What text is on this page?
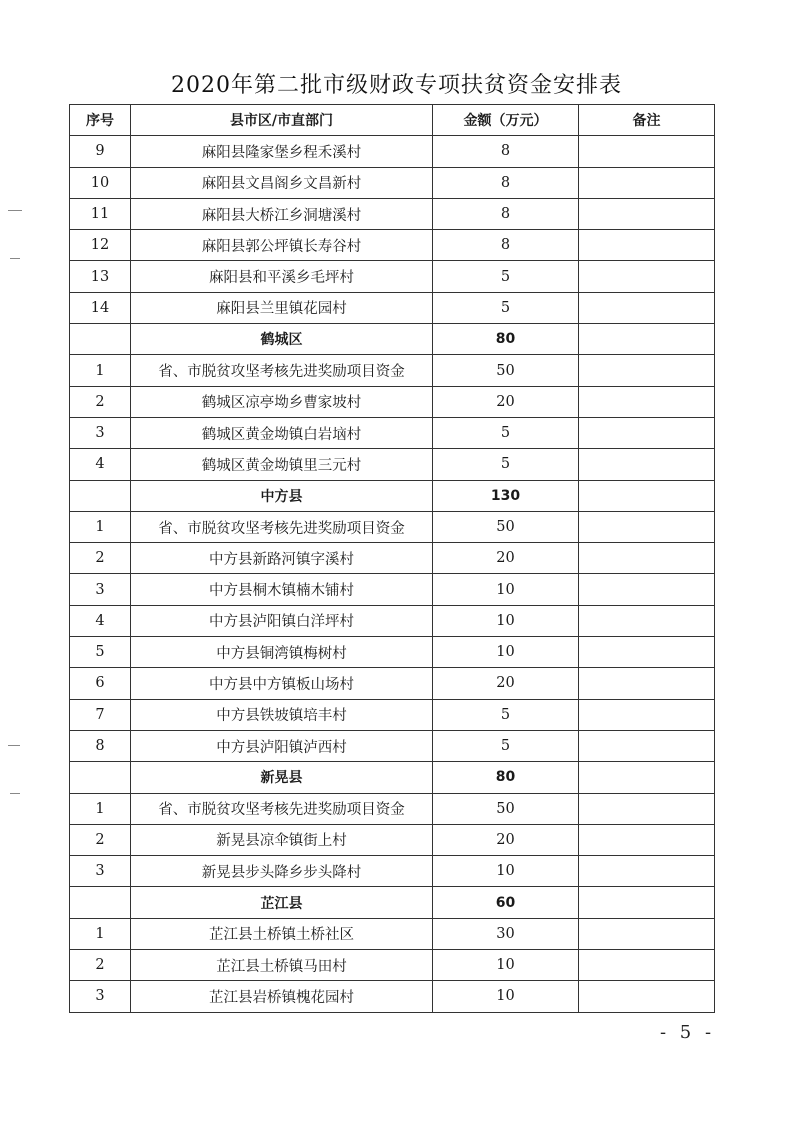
2020年第二批市级财政专项扶贫资金安排表
序号	县市区/市直部门	金额（万元）	备注
9	麻阳县隆家堡乡程禾溪村	8	
10	麻阳县文昌阁乡文昌新村	8	
11	麻阳县大桥江乡洞塘溪村	8	
12	麻阳县郭公坪镇长寿谷村	8	
13	麻阳县和平溪乡毛坪村	5	
14	麻阳县兰里镇花园村	5	
	鹤城区	80	
1	省、市脱贫攻坚考核先进奖励项目资金	50	
2	鹤城区凉亭坳乡曹家坡村	20	
3	鹤城区黄金坳镇白岩垴村	5	
4	鹤城区黄金坳镇里三元村	5	
	中方县	130	
1	省、市脱贫攻坚考核先进奖励项目资金	50	
2	中方县新路河镇字溪村	20	
3	中方县桐木镇楠木铺村	10	
4	中方县泸阳镇白洋坪村	10	
5	中方县铜湾镇梅树村	10	
6	中方县中方镇板山场村	20	
7	中方县铁坡镇培丰村	5	
8	中方县泸阳镇泸西村	5	
	新晃县	80	
1	省、市脱贫攻坚考核先进奖励项目资金	50	
2	新晃县凉伞镇街上村	20	
3	新晃县步头降乡步头降村	10	
	芷江县	60	
1	芷江县土桥镇土桥社区	30	
2	芷江县土桥镇马田村	10	
3	芷江县岩桥镇槐花园村	10	
- 5 -
